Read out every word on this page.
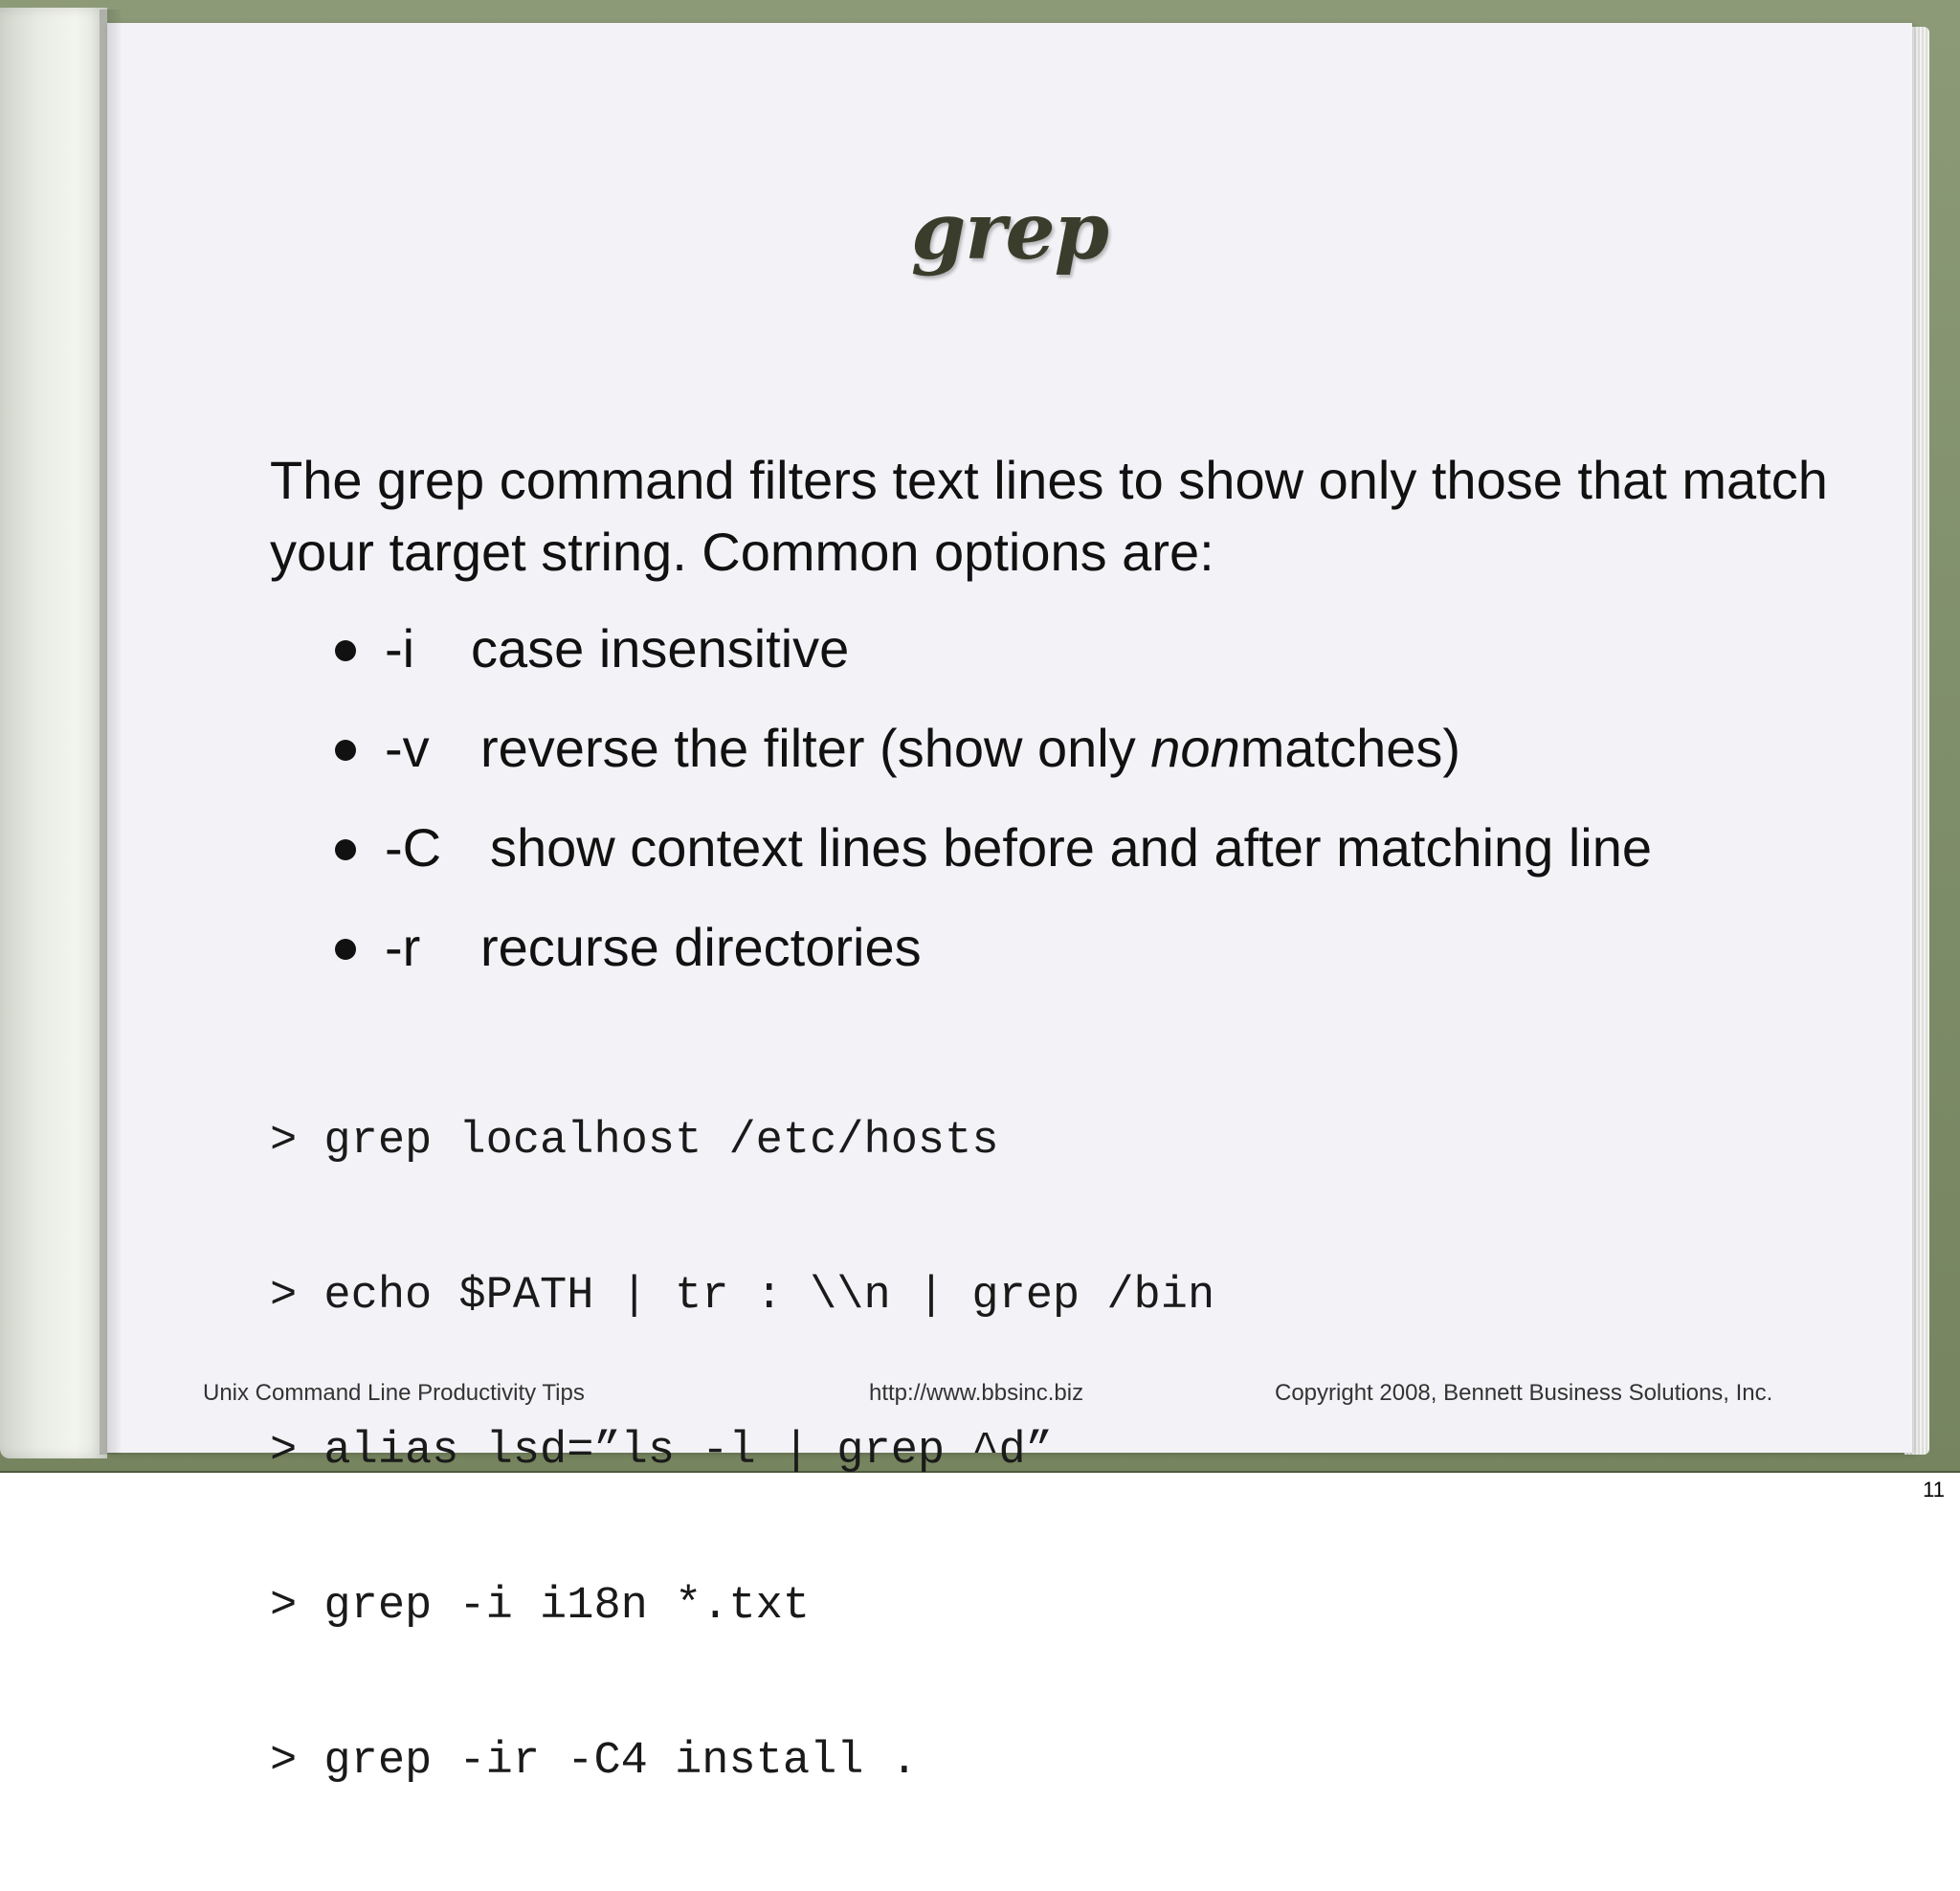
grep

The grep command filters text lines to show only those that match your target string. Common options are:

-i case insensitive
-v reverse the filter (show only nonmatches)
-C show context lines before and after matching line
-r recurse directories

> grep localhost /etc/hosts

> echo $PATH | tr : \\n | grep /bin

> alias lsd=”ls -l | grep ^d”

> grep -i i18n *.txt

> grep -ir -C4 install .

Unix Command Line Productivity Tips	http://www.bbsinc.biz	Copyright 2008, Bennett Business Solutions, Inc.
11
